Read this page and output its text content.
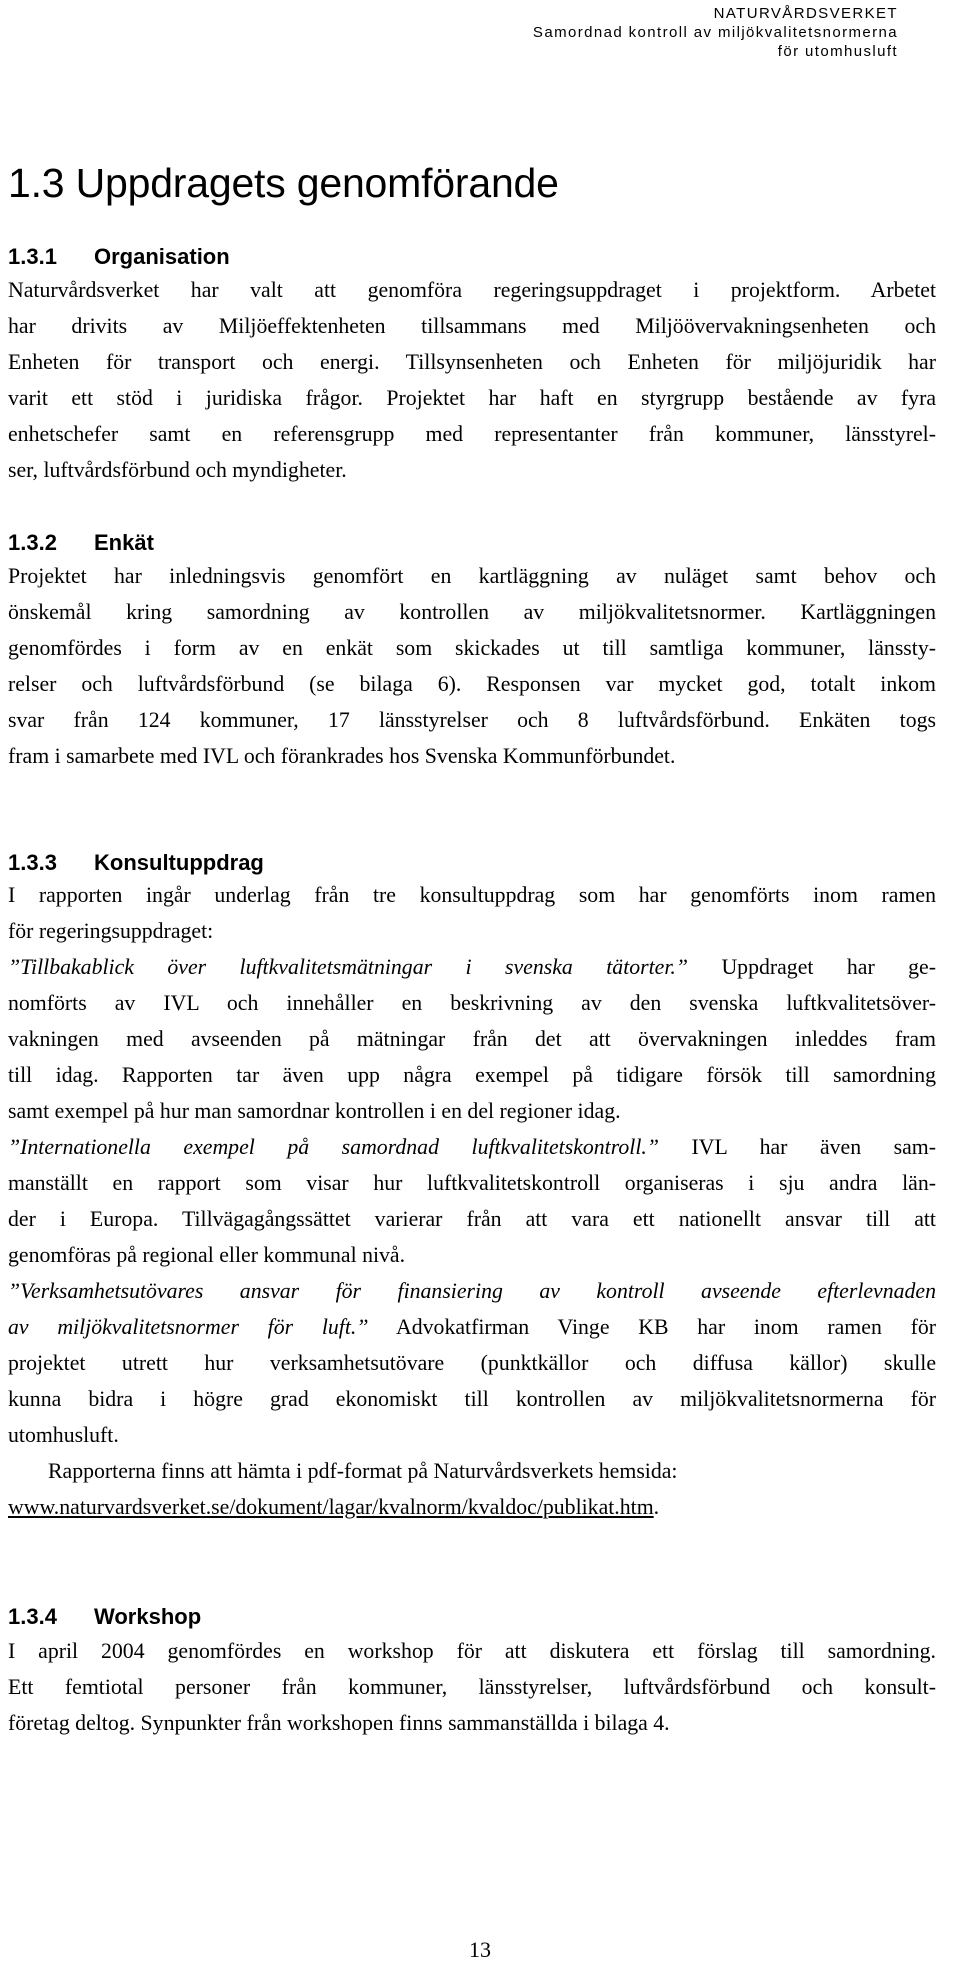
NATURVÅRDSVERKET
Samordnad kontroll av miljökvalitetsnormerna
för utomhusluft
1.3 Uppdragets genomförande
1.3.1 Organisation
Naturvårdsverket har valt att genomföra regeringsuppdraget i projektform. Arbetet
har drivits av Miljöeffektenheten tillsammans med Miljöövervakningsenheten och
Enheten för transport och energi. Tillsynsenheten och Enheten för miljöjuridik har
varit ett stöd i juridiska frågor. Projektet har haft en styrgrupp bestående av fyra
enhetschefer samt en referensgrupp med representanter från kommuner, länsstyrel-
ser, luftvårdsförbund och myndigheter.
1.3.2 Enkät
Projektet har inledningsvis genomfört en kartläggning av nuläget samt behov och
önskemål kring samordning av kontrollen av miljökvalitetsnormer. Kartläggningen
genomfördes i form av en enkät som skickades ut till samtliga kommuner, länssty-
relser och luftvårdsförbund (se bilaga 6). Responsen var mycket god, totalt inkom
svar från 124 kommuner, 17 länsstyrelser och 8 luftvårdsförbund. Enkäten togs
fram i samarbete med IVL och förankrades hos Svenska Kommunförbundet.
1.3.3 Konsultuppdrag
I rapporten ingår underlag från tre konsultuppdrag som har genomförts inom ramen
för regeringsuppdraget:
”Tillbakablick över luftkvalitetsmätningar i svenska tätorter.” Uppdraget har ge-
nomförts av IVL och innehåller en beskrivning av den svenska luftkvalitetsöver-
vakningen med avseenden på mätningar från det att övervakningen inleddes fram
till idag. Rapporten tar även upp några exempel på tidigare försök till samordning
samt exempel på hur man samordnar kontrollen i en del regioner idag.
”Internationella exempel på samordnad luftkvalitetskontroll.” IVL har även sam-
manställt en rapport som visar hur luftkvalitetskontroll organiseras i sju andra län-
der i Europa. Tillvägagångssättet varierar från att vara ett nationellt ansvar till att
genomföras på regional eller kommunal nivå.
”Verksamhetsutövares ansvar för finansiering av kontroll avseende efterlevnaden
av miljökvalitetsnormer för luft.” Advokatfirman Vinge KB har inom ramen för
projektet utrett hur verksamhetsutövare (punktkällor och diffusa källor) skulle
kunna bidra i högre grad ekonomiskt till kontrollen av miljökvalitetsnormerna för
utomhusluft.
Rapporterna finns att hämta i pdf-format på Naturvårdsverkets hemsida:
www.naturvardsverket.se/dokument/lagar/kvalnorm/kvaldoc/publikat.htm.
1.3.4 Workshop
I april 2004 genomfördes en workshop för att diskutera ett förslag till samordning.
Ett femtiotal personer från kommuner, länsstyrelser, luftvårdsförbund och konsult-
företag deltog. Synpunkter från workshopen finns sammanställda i bilaga 4.
13
